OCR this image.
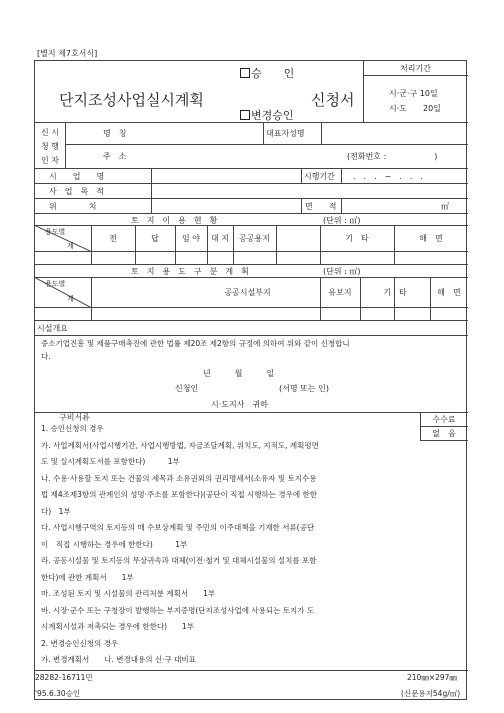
[별지 제7호서식]
단지조성사업실시계획
승　　인
변경승인
신청서
처리기간
시·군·구 10일
시·도　　20일
신 시
청 행
인 자
명　칭	대표자성명
주　소	(전화번호 :　　　　　　)
시　　업　　명	시행기간 .　.　.　~　.　.　.
사　업　목　적
위　　　　치	면　　적	㎡
토　지　이　용　현　황	(단위 : ㎡)
용도별
계
전	답	임 야	대 지	공공용지	기　타	해　면
토　지　용　도　구　분　계　획	(단위 : ㎡)
용도별
계
공공시설부지	유보지	기　타	해　면
시설개요
중소기업진흥 및 제품구매촉진에 관한 법률 제20조 제2항의 규정에 의하여 위와 같이 신청합니
다.
년　　　월　　　일
신청인	(서명 또는 인)
시·도지사　귀하
구비서류	수수료
없　음
1. 승인신청의 경우
가. 사업계획서(사업시행기간, 사업시행방법, 자금조달계획, 위치도, 지적도, 계획평면
도 및 실시계획도서를 포함한다)　　　1부
나. 수용·사용할 토지 또는 건물의 세목과 소유권외의 권리명세서(소유자 및 토지수용
법 제4조제3항의 관계인의 성명·주소를 포함한다)(공단이 직접 시행하는 경우에 한한
다)　1부
다. 사업시행구역의 토지등의 매 수보상계획 및 주민의 이주대책을 기재한 서류(공단
이　직접 시행하는 경우에 한한다)　　　1부
라. 공동시설물 및 토지등의 무상귀속과 대체(이전·철거 및 대체시설물의 설치를 포함
한다)에 관한 계획서　　1부
마. 조성된 토지 및 시설물의 관리처분 계획서　　1부
바. 시장·군수 또는 구청장이 발행하는 부지증명(단지조성사업에 사용되는 토지가 도
시계획시설과 저촉되는 경우에 한한다)　　1부
2. 변경승인신청의 경우
가. 변경계획서　　나. 변경내용의 신·구 대비표
28282-16711민
'95.6.30승인
210㎜×297㎜
(신문용지54g/㎡)
